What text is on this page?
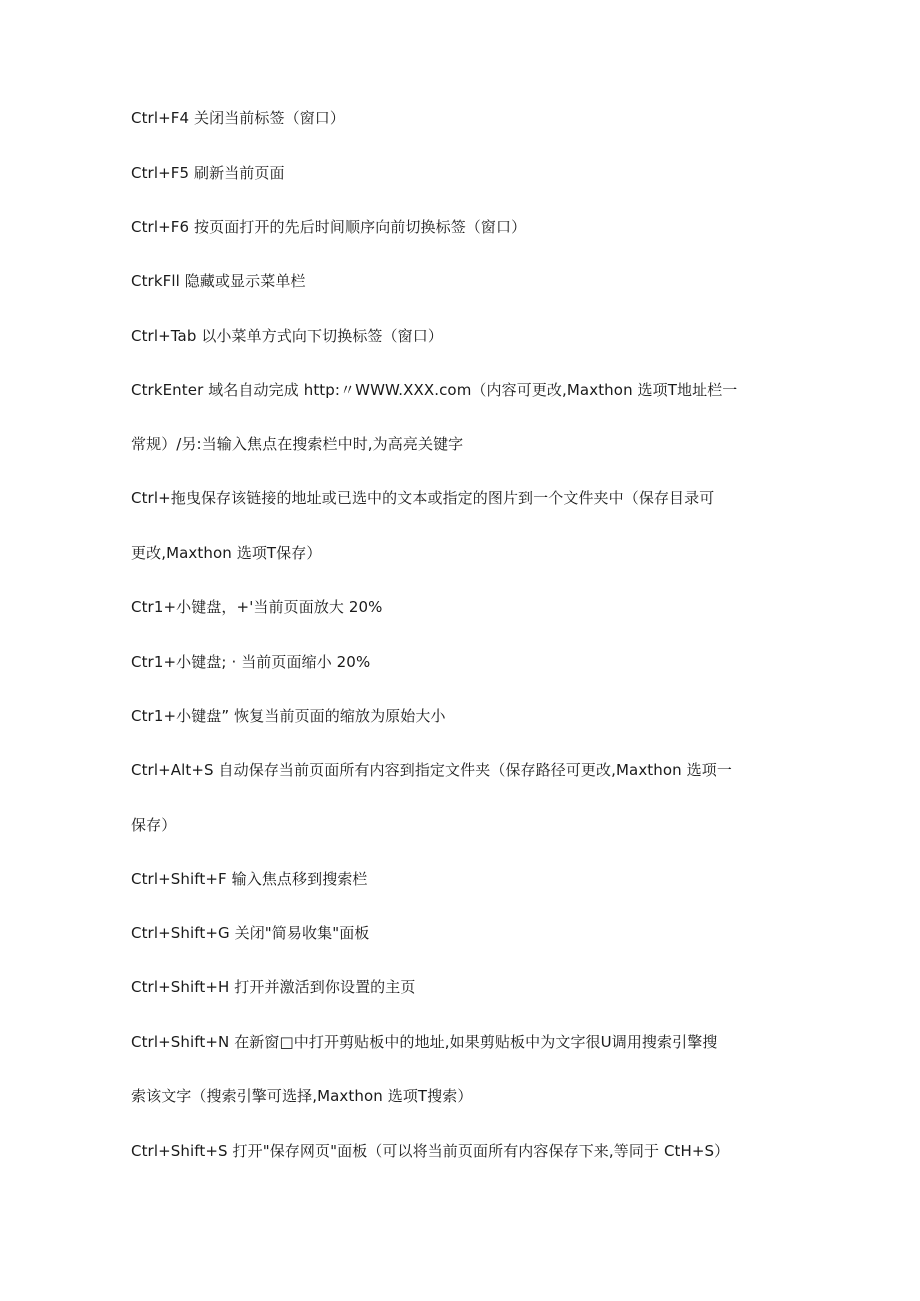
Ctrl+F4 关闭当前标签（窗口）
Ctrl+F5 刷新当前页面
Ctrl+F6 按页面打开的先后时间顺序向前切换标签（窗口）
CtrkFll 隐藏或显示菜单栏
Ctrl+Tab 以小菜单方式向下切换标签（窗口）
CtrkEnter 域名自动完成 http:〃WWW.XXX.com（内容可更改,Maxthon 选项T地址栏一
常规）/另:当输入焦点在搜索栏中时,为高亮关键字
Ctrl+拖曳保存该链接的地址或已选中的文本或指定的图片到一个文件夹中（保存目录可
更改,Maxthon 选项T保存）
Ctr1+小键盘，+'当前页面放大 20%
Ctr1+小键盘; · 当前页面缩小 20%
Ctr1+小键盘” 恢复当前页面的缩放为原始大小
Ctrl+Alt+S 自动保存当前页面所有内容到指定文件夹（保存路径可更改,Maxthon 选项一
保存）
Ctrl+Shift+F 输入焦点移到搜索栏
Ctrl+Shift+G 关闭"简易收集"面板
Ctrl+Shift+H 打开并激活到你设置的主页
Ctrl+Shift+N 在新窗□中打开剪贴板中的地址,如果剪贴板中为文字很U调用搜索引擎搜
索该文字（搜索引擎可选择,Maxthon 选项T搜索）
Ctrl+Shift+S 打开"保存网页"面板（可以将当前页面所有内容保存下来,等同于 CtH+S）
